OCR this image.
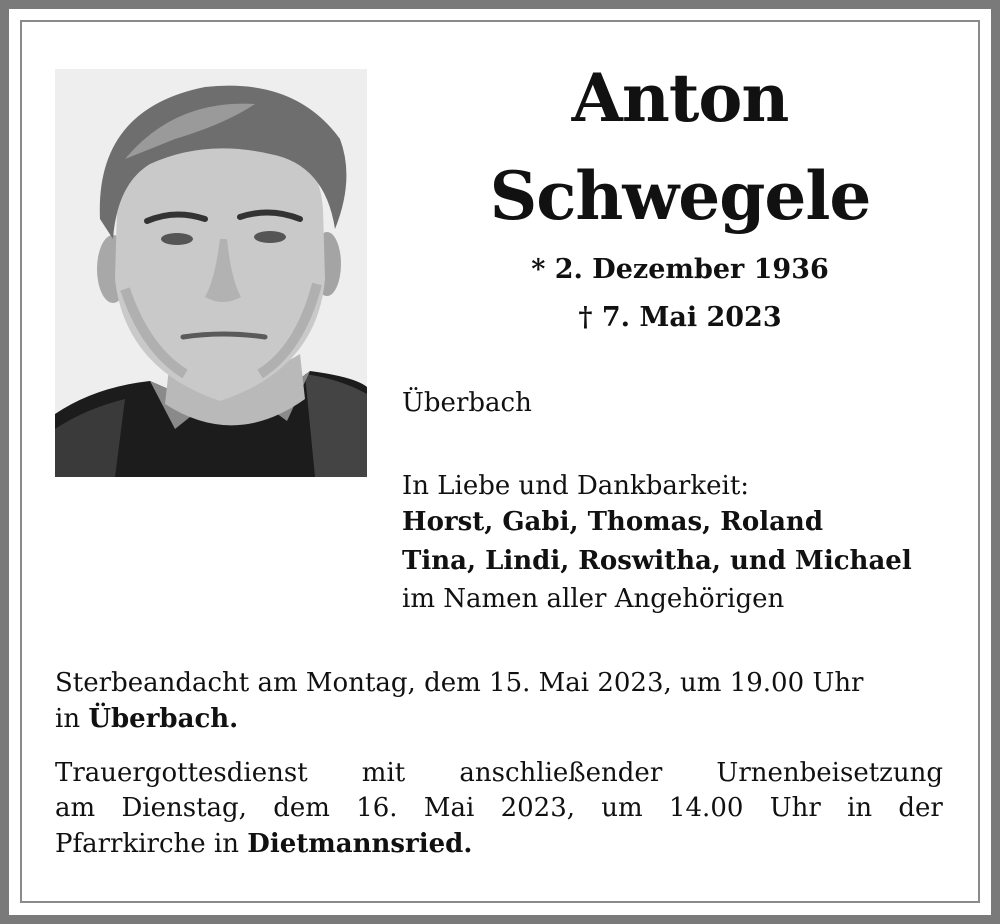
Anton
Schwegele
* 2. Dezember 1936
† 7. Mai 2023
Überbach
In Liebe und Dankbarkeit:
Horst, Gabi, Thomas, Roland
Tina, Lindi, Roswitha, und Michael
im Namen aller Angehörigen
Sterbeandacht am Montag, dem 15. Mai 2023, um 19.00 Uhr
in Überbach.
Trauergottesdienst mit anschließender Urnenbeisetzung
am Dienstag, dem 16. Mai 2023, um 14.00 Uhr in der
Pfarrkirche in Dietmannsried.
